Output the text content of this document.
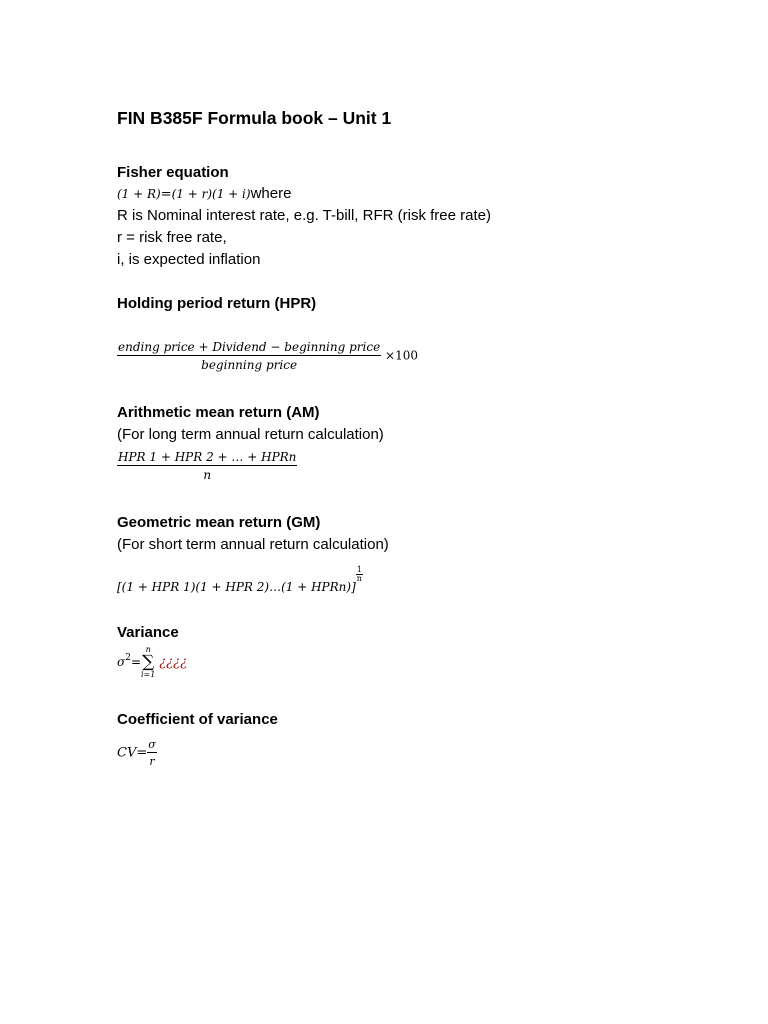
FIN B385F Formula book – Unit 1
Fisher equation
(1 + R)=(1 + r)(1 + i)where
R is Nominal interest rate, e.g. T-bill, RFR (risk free rate)
r = risk free rate,
i, is expected inflation
Holding period return (HPR)
$\frac{\text{ending price + Dividend − beginning price}}{\text{beginning price}} \times 100$
Arithmetic mean return (AM)
(For long term annual return calculation)
$\frac{\text{HPR 1 + HPR 2 + … + HPRn}}{n}$
Geometric mean return (GM)
(For short term annual return calculation)
[(1 + HPR 1)(1 + HPR 2)…(1 + HPRn)]
$\frac{1}{n}$
Variance
$\sigma^2=$
n
∑
i=1
¿¿¿¿
Coefficient of variance
$CV= \frac{\sigma}{r}$
